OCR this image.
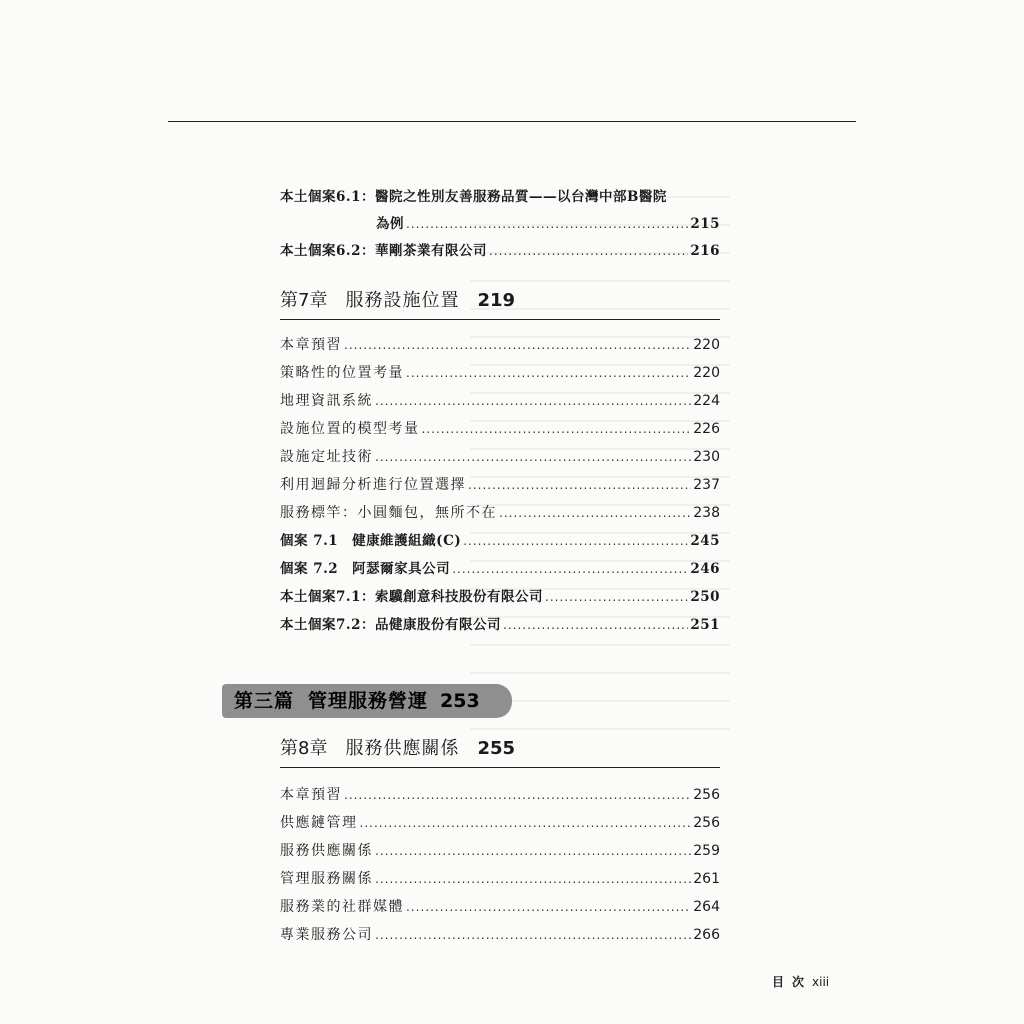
本土個案6.1：醫院之性別友善服務品質——以台灣中部B醫院
為例 .....	215
本土個案6.2：華剛茶業有限公司 .....	216
第7章 服務設施位置 219
本章預習 .....	220
策略性的位置考量 .....	220
地理資訊系統 .....	224
設施位置的模型考量 .....	226
設施定址技術 .....	230
利用迴歸分析進行位置選擇 .....	237
服務標竿：小圓麵包，無所不在 .....	238
個案 7.1　健康維護組織(C) .....	245
個案 7.2　阿瑟爾家具公司 .....	246
本土個案7.1：索驥創意科技股份有限公司 .....	250
本土個案7.2：品健康股份有限公司 .....	251
第8章 服務供應關係 255
本章預習 .....	256
供應鏈管理 .....	256
服務供應關係 .....	259
管理服務關係 .....	261
服務業的社群媒體 .....	264
專業服務公司 .....	266
第三篇 管理服務營運 253
目次xiii
